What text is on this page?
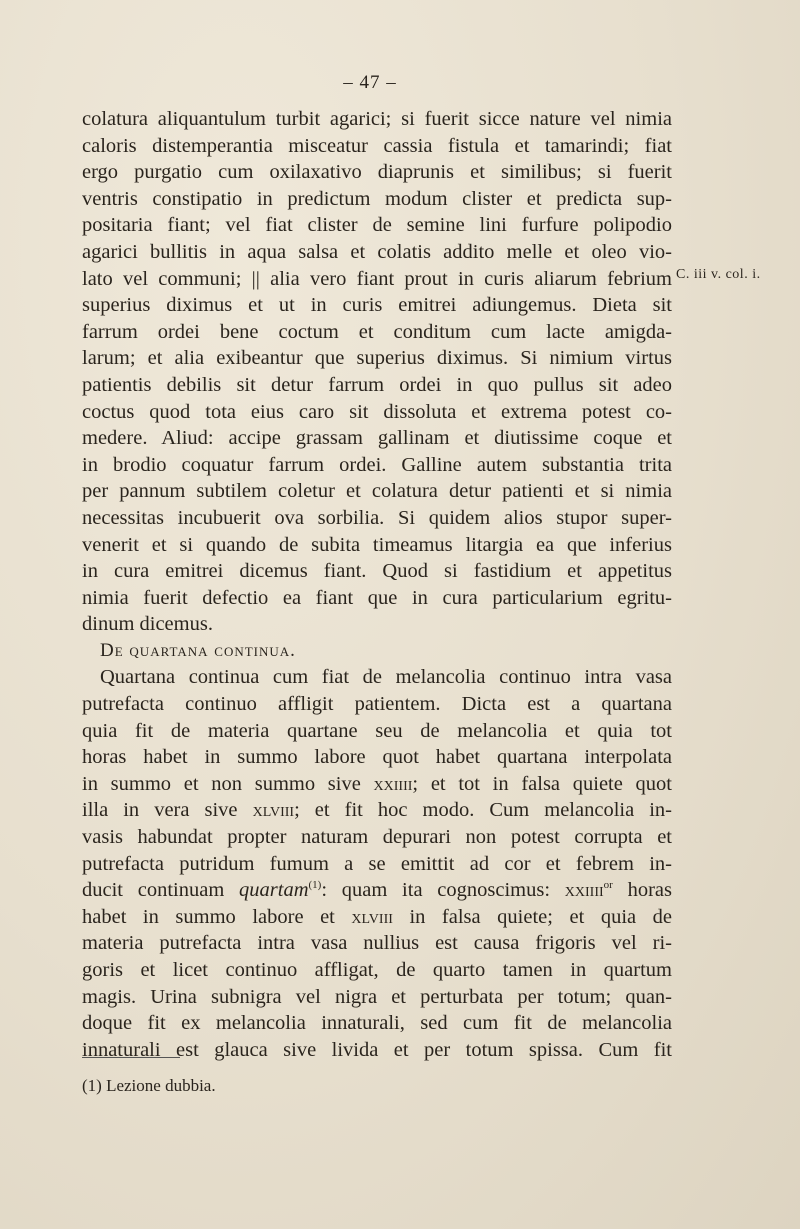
– 47 –
C. iii v. col. i.
colatura aliquantulum turbit agarici; si fuerit sicce nature vel nimia
caloris distemperantia misceatur cassia fistula et tamarindi; fiat
ergo purgatio cum oxilaxativo diaprunis et similibus; si fuerit
ventris constipatio in predictum modum clister et predicta sup-
positaria fiant; vel fiat clister de semine lini furfure polipodio
agarici bullitis in aqua salsa et colatis addito melle et oleo vio-
lato vel communi; || alia vero fiant prout in curis aliarum febrium
superius diximus et ut in curis emitrei adiungemus. Dieta sit
farrum ordei bene coctum et conditum cum lacte amigda-
larum; et alia exibeantur que superius diximus. Si nimium virtus
patientis debilis sit detur farrum ordei in quo pullus sit adeo
coctus quod tota eius caro sit dissoluta et extrema potest co-
medere. Aliud: accipe grassam gallinam et diutissime coque et
in brodio coquatur farrum ordei. Galline autem substantia trita
per pannum subtilem coletur et colatura detur patienti et si nimia
necessitas incubuerit ova sorbilia. Si quidem alios stupor super-
venerit et si quando de subita timeamus litargia ea que inferius
in cura emitrei dicemus fiant. Quod si fastidium et appetitus
nimia fuerit defectio ea fiant que in cura particularium egritu-
dinum dicemus.
De quartana continua.
Quartana continua cum fiat de melancolia continuo intra vasa
putrefacta continuo affligit patientem. Dicta est a quartana
quia fit de materia quartane seu de melancolia et quia tot
horas habet in summo labore quot habet quartana interpolata
in summo et non summo sive xxiiii; et tot in falsa quiete quot
illa in vera sive xlviii; et fit hoc modo. Cum melancolia in-
vasis habundat propter naturam depurari non potest corrupta et
putrefacta putridum fumum a se emittit ad cor et febrem in-
ducit continuam quartam$^{(1)}$: quam ita cognoscimus: xxiiii$^{or}$ horas
habet in summo labore et xlviii in falsa quiete; et quia de
materia putrefacta intra vasa nullius est causa frigoris vel ri-
goris et licet continuo affligat, de quarto tamen in quartum
magis. Urina subnigra vel nigra et perturbata per totum; quan-
doque fit ex melancolia innaturali, sed cum fit de melancolia
innaturali est glauca sive livida et per totum spissa. Cum fit
(1) Lezione dubbia.
